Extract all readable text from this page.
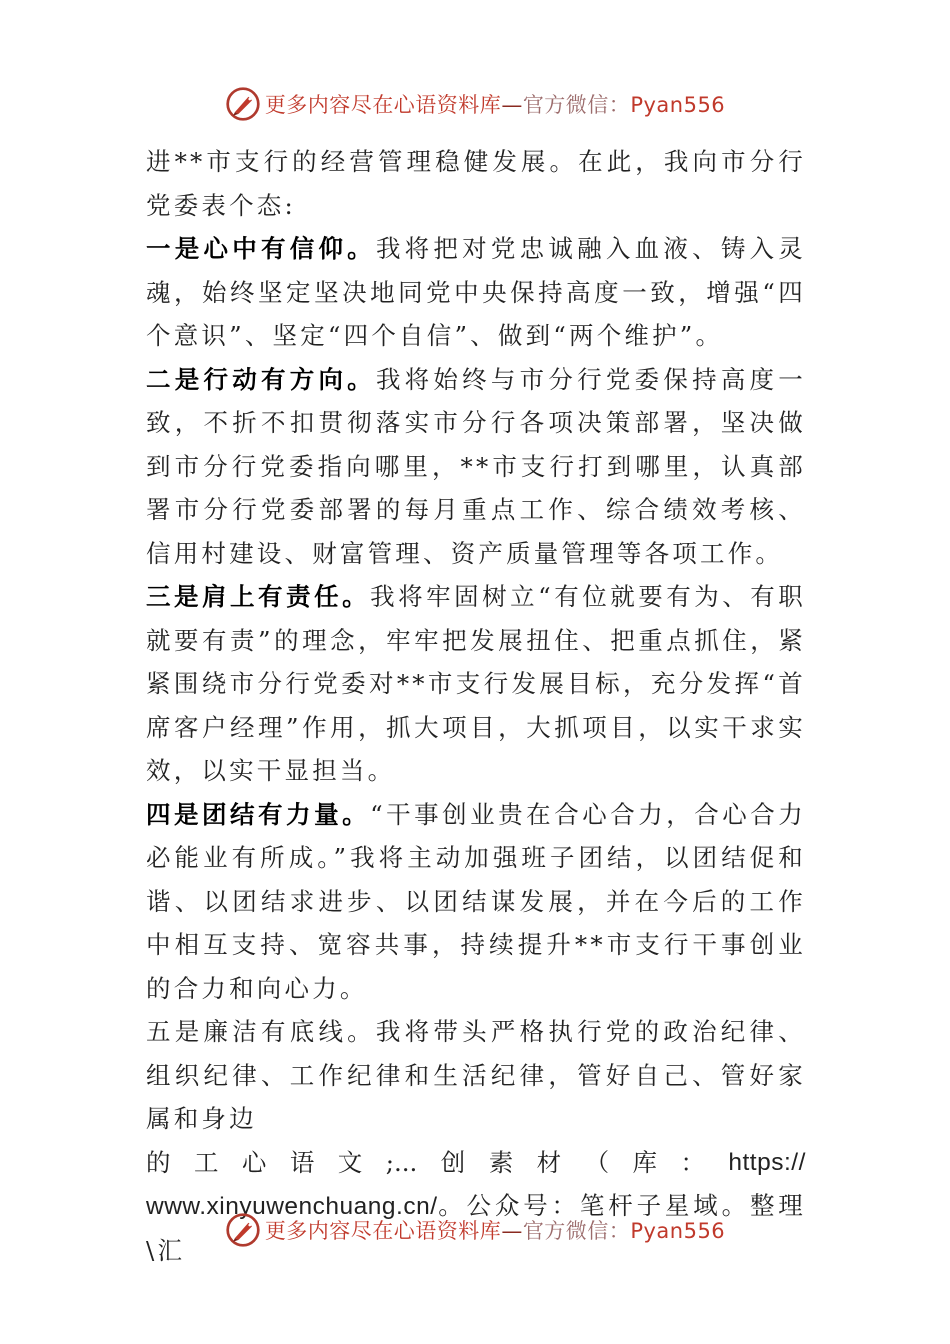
更多内容尽在心语资料库—官方微信：Pyan556

进**市支行的经营管理稳健发展。在此，我向市分行党委表个态:

一是心中有信仰。我将把对党忠诚融入血液、铸入灵魂，始终坚定坚决地同党中央保持高度一致，增强“四个意识”、坚定“四个自信”、做到“两个维护”。

二是行动有方向。我将始终与市分行党委保持高度一致，不折不扣贯彻落实市分行各项决策部署，坚决做到市分行党委指向哪里，**市支行打到哪里，认真部署市分行党委部署的每月重点工作、综合绩效考核、信用村建设、财富管理、资产质量管理等各项工作。

三是肩上有责任。我将牢固树立“有位就要有为、有职就要有责”的理念，牢牢把发展扭住、把重点抓住，紧紧围绕市分行党委对**市支行发展目标，充分发挥“首席客户经理”作用，抓大项目，大抓项目，以实干求实效，以实干显担当。

四是团结有力量。“干事创业贵在合心合力，合心合力必能业有所成。”我将主动加强班子团结，以团结促和谐、以团结求进步、以团结谋发展，并在今后的工作中相互支持、宽容共事，持续提升**市支行干事创业的合力和向心力。

五是廉洁有底线。我将带头严格执行党的政治纪律、组织纪律、工作纪律和生活纪律，管好自己、管好家属和身边

的 工 心 语 文 ;... 创 素 材 （ 库 ： https://
www.xinyuwenchuang.cn/。公众号：笔杆子星域。整理\汇
更多内容尽在心语资料库—官方微信：Pyan556
